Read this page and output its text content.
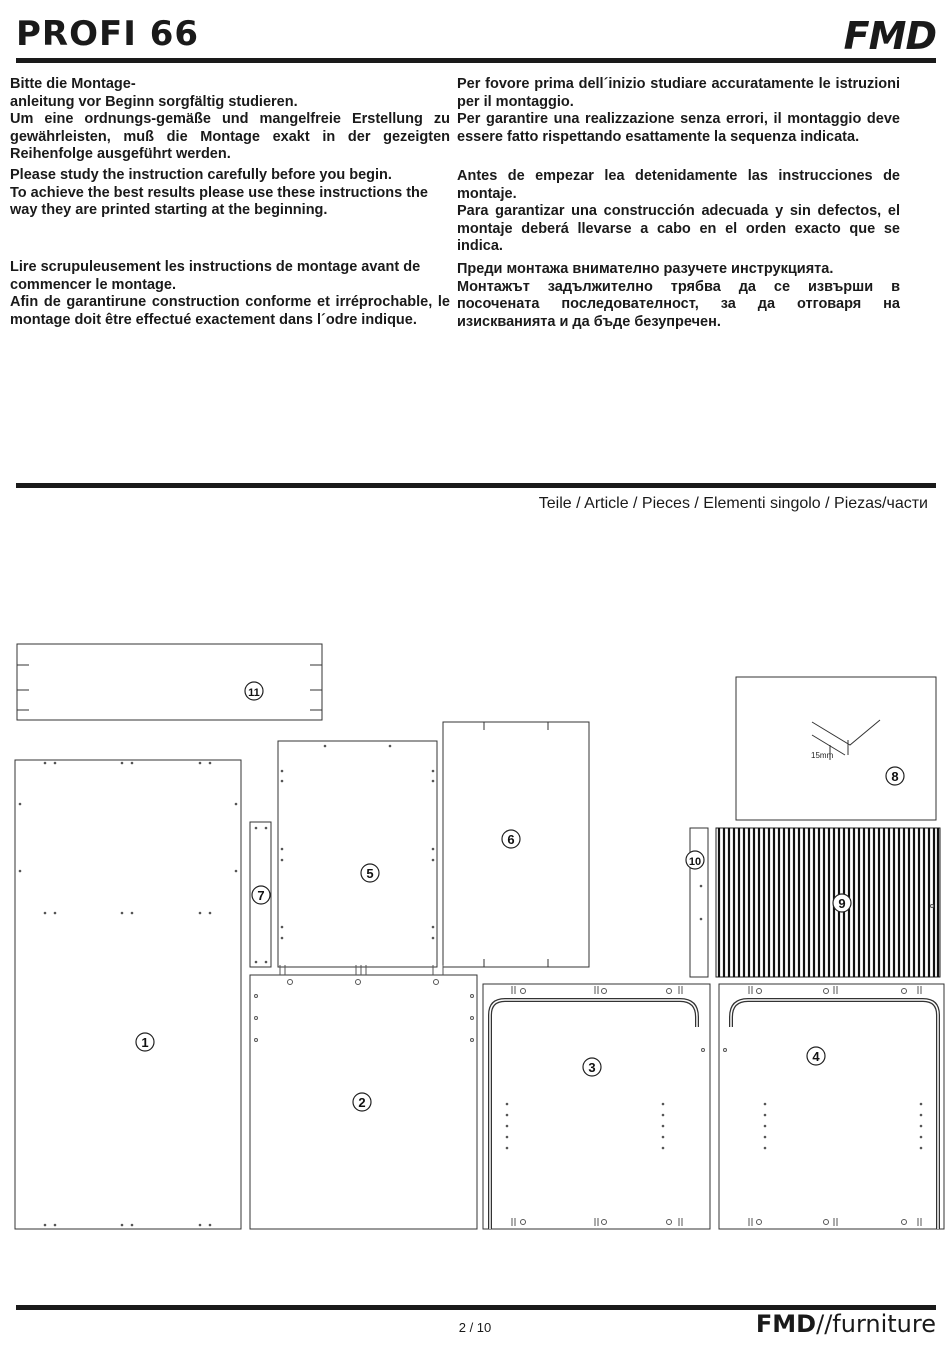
PROFI 66	FMD

Bitte die Montage-

anleitung vor Beginn sorgfältig studieren.

Um eine ordnungs-gemäße und mangelfreie Erstellung zu gewährleisten, muß die Montage exakt in der gezeigten Reihenfolge ausgeführt werden.

Please study the instruction carefully before you begin.

To achieve the best results please use these instructions the way they are printed starting at the beginning.

Lire scrupuleusement les instructions de montage avant de commencer le montage.

Afin de garantirune construction conforme et irréprochable, le montage doit être effectué exactement dans l´odre indique.

Per fovore prima dell´inizio studiare accuratamente le istruzioni per il montaggio.

Per garantire una realizzazione senza errori, il montaggio deve essere fatto rispettando esattamente la sequenza indicata.

Antes de empezar lea detenidamente las instrucciones de montaje.

Para garantizar una construcción adecuada y sin defectos, el montaje deberá llevarse a cabo en el orden exacto que se indica.

Преди монтажа внимателно разучете инструкцията.

Монтажът задължително трябва да се извърши в посочената последователност, за да отговаря на изискванията и да бъде безупречен.

Teile / Article / Pieces / Elementi singolo / Piezas/части
1
2
3
4
5
6
7
8
9
10
11
15mm
2 / 10	FMD//furniture
